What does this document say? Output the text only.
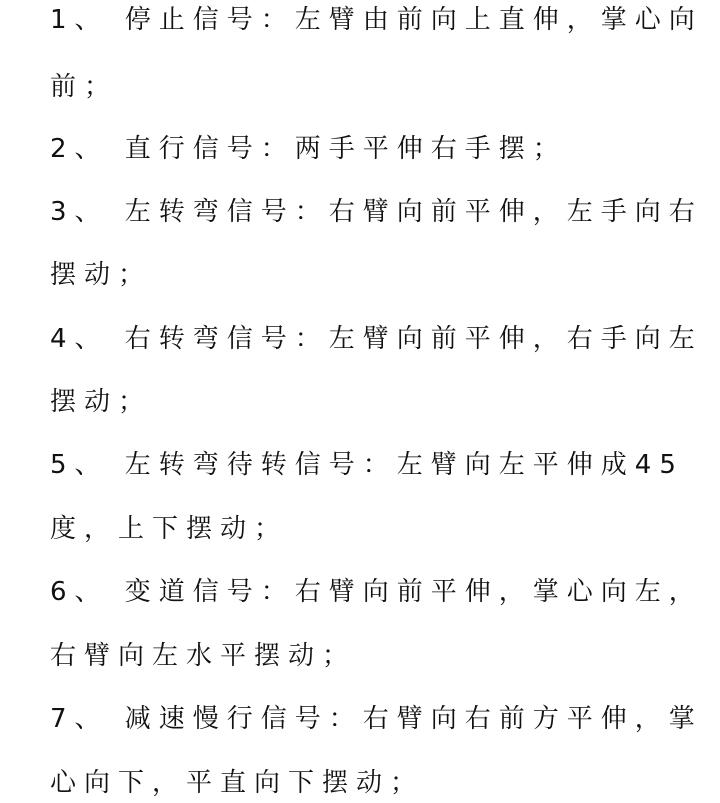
1、 停止信号：左臂由前向上直伸，掌心向
前；
2、 直行信号：两手平伸右手摆；
3、 左转弯信号：右臂向前平伸，左手向右
摆动；
4、 右转弯信号：左臂向前平伸，右手向左
摆动；
5、 左转弯待转信号：左臂向左平伸成45
度，上下摆动；
6、 变道信号：右臂向前平伸，掌心向左，
右臂向左水平摆动；
7、 减速慢行信号：右臂向右前方平伸，掌
心向下，平直向下摆动；
